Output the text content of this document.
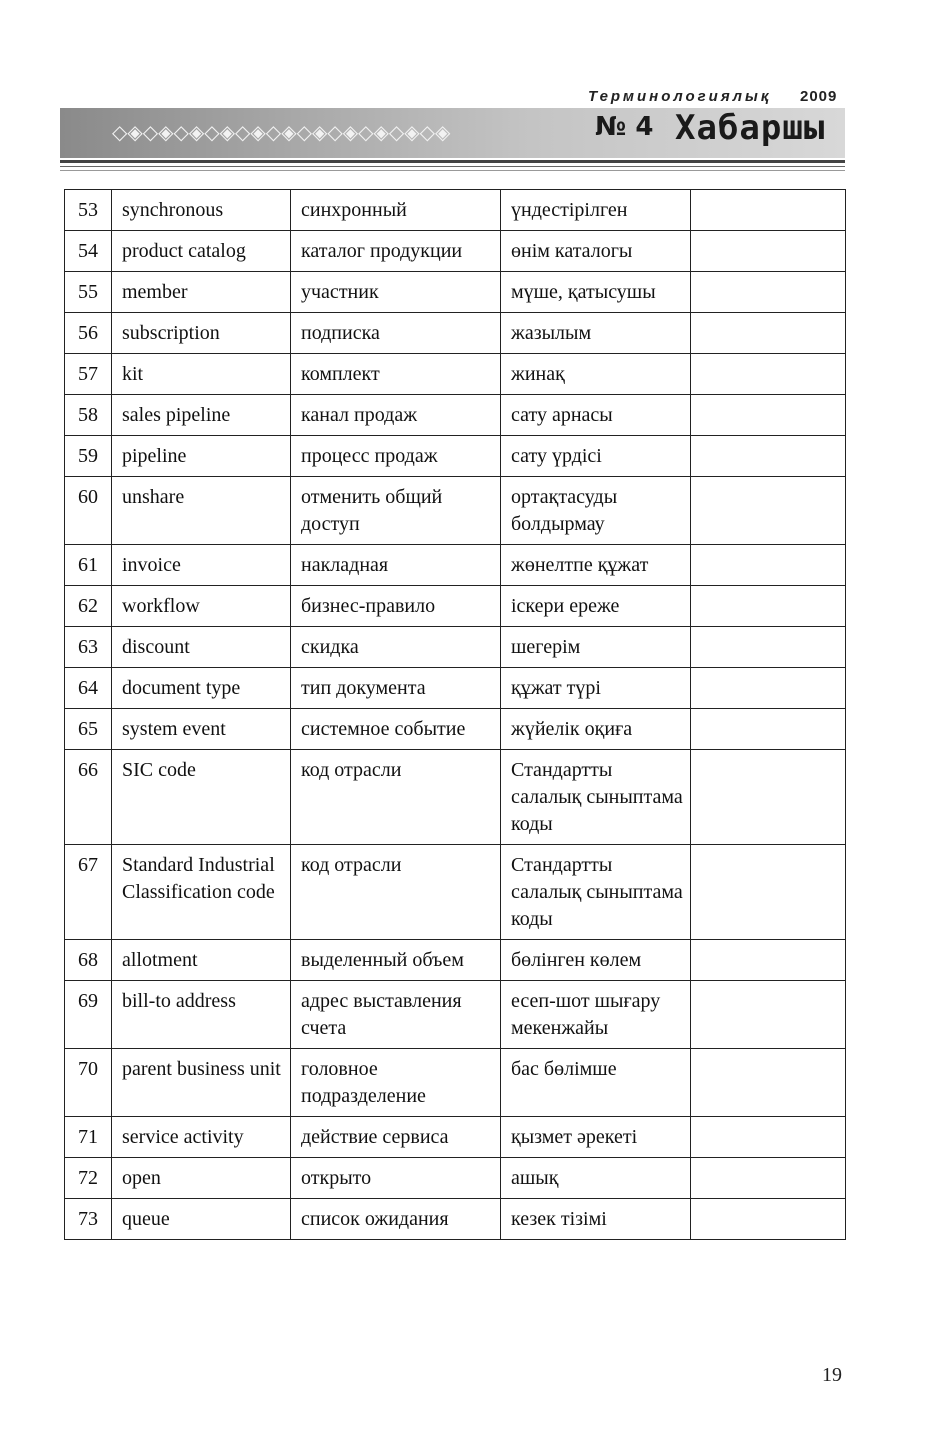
Терминологиялық 2009
◇◈◇◈◇◈◇◈◇◈◇◈◇◈◇◈◇◈◇◈◇◈	№ 4 Хабаршы
53	synchronous	синхронный	үндестірілген	
54	product catalog	каталог продукции	өнім каталогы	
55	member	участник	мүше, қатысушы	
56	subscription	подписка	жазылым	
57	kit	комплект	жинақ	
58	sales pipeline	канал продаж	сату арнасы	
59	pipeline	процесс продаж	сату үрдісі	
60	unshare	отменить общий доступ	ортақтасуды болдырмау	
61	invoice	накладная	жөнелтпе құжат	
62	workflow	бизнес-правило	іскери ереже	
63	discount	скидка	шегерім	
64	document type	тип документа	құжат түрі	
65	system event	системное событие	жүйелік оқиға	
66	SIC code	код отрасли	Стандартты салалық сыныптама коды	
67	Standard Industrial Classification code	код отрасли	Стандартты салалық сыныптама коды	
68	allotment	выделенный объем	бөлінген көлем	
69	bill-to address	адрес выставления счета	есеп-шот шығару мекенжайы	
70	parent business unit	головное подразделение	бас бөлімше	
71	service activity	действие сервиса	қызмет әрекеті	
72	open	открыто	ашық	
73	queue	список ожидания	кезек тізімі	
19
